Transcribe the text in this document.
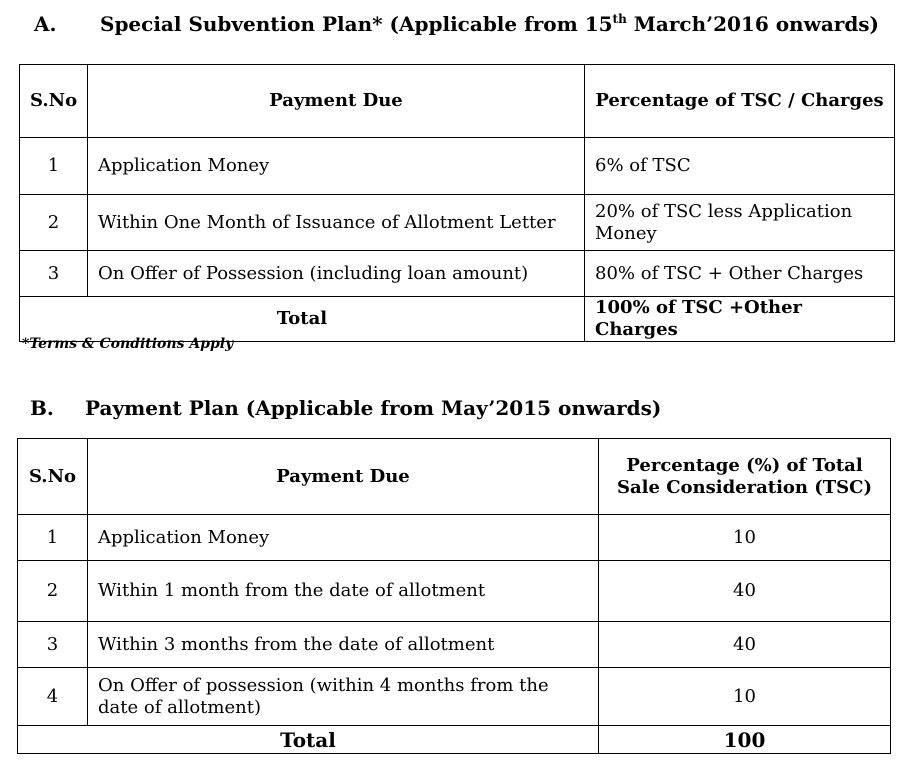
A. Special Subvention Plan* (Applicable from 15th March’2016 onwards)
S.No	Payment Due	Percentage of TSC / Charges
1	Application Money	6% of TSC
2	Within One Month of Issuance of Allotment Letter	20% of TSC less Application Money
3	On Offer of Possession (including loan amount)	80% of TSC + Other Charges
Total		100% of TSC +Other Charges
*Terms & Conditions Apply
B. Payment Plan (Applicable from May’2015 onwards)
S.No	Payment Due	Percentage (%) of Total Sale Consideration (TSC)
1	Application Money	10
2	Within 1 month from the date of allotment	40
3	Within 3 months from the date of allotment	40
4	On Offer of possession (within 4 months from the date of allotment)	10
Total		100
